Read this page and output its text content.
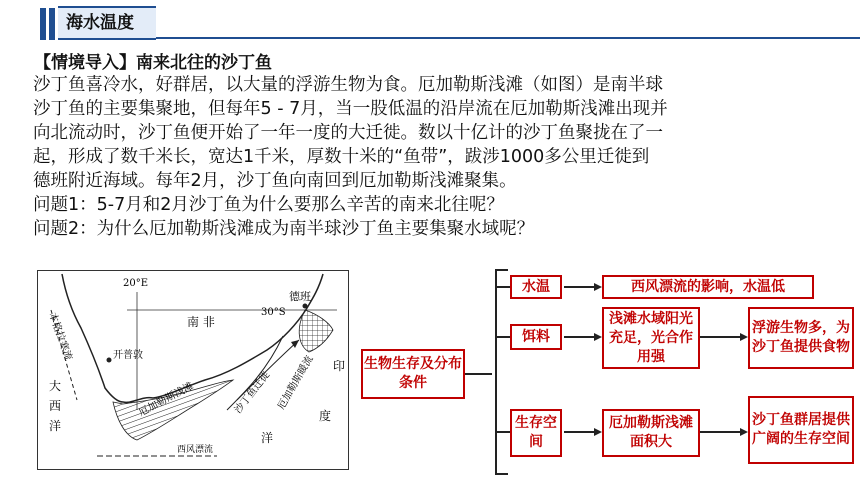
海水温度
【情境导入】南来北往的沙丁鱼
沙丁鱼喜冷水，好群居，以大量的浮游生物为食。厄加勒斯浅滩（如图）是南半球
沙丁鱼的主要集聚地，但每年5 - 7月，当一股低温的沿岸流在厄加勒斯浅滩出现并
向北流动时，沙丁鱼便开始了一年一度的大迁徙。数以十亿计的沙丁鱼聚拢在了一
起，形成了数千米长，宽达1千米，厚数十米的“鱼带”，跋涉1000多公里迁徙到
德班附近海域。每年2月，沙丁鱼向南回到厄加勒斯浅滩聚集。
问题1：5-7月和2月沙丁鱼为什么要那么辛苦的南来北往呢？
问题2：为什么厄加勒斯浅滩成为南半球沙丁鱼主要集聚水域呢？
20°E
30°S
南 非
德班
开普敦
本格拉寒流
厄加勒斯浅滩	沙丁鱼迁徙 厄加勒斯暖流
西风漂流
大
西
洋
印
度
洋
生物生存及分布条件
水温	西风漂流的影响，水温低
饵料
浅滩水域阳光充足，光合作用强
浮游生物多，为沙丁鱼提供食物
生存空间
厄加勒斯浅滩面积大
沙丁鱼群居提供广阔的生存空间
